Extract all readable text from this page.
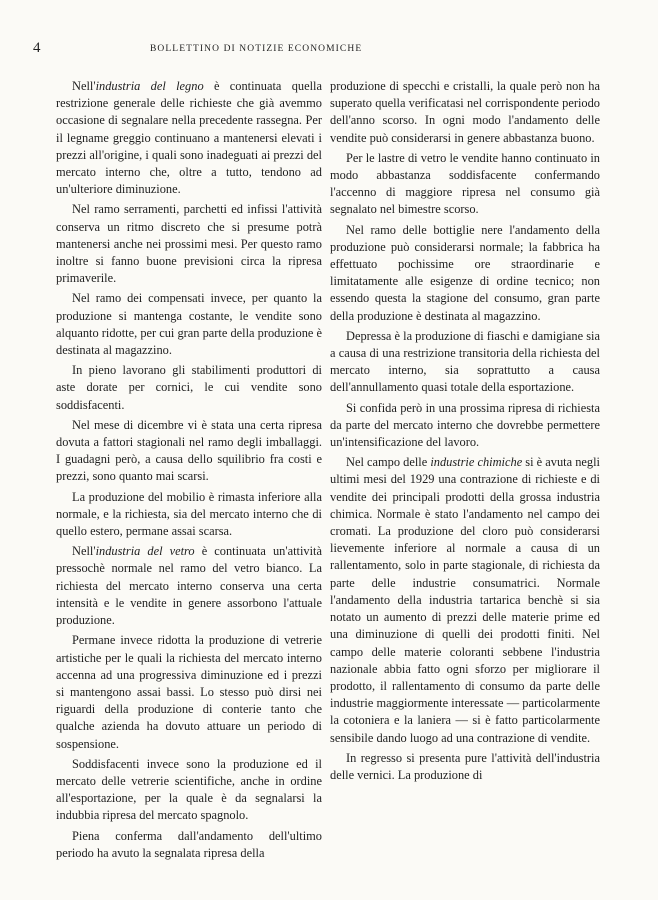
4	BOLLETTINO DI NOTIZIE ECONOMICHE

Nell'industria del legno è continuata quella restrizione generale delle richieste che già avemmo occasione di segnalare nella precedente rassegna. Per il legname greggio continuano a mantenersi elevati i prezzi all'origine, i quali sono inadeguati ai prezzi del mercato interno che, oltre a tutto, tendono ad un'ulteriore diminuzione.

Nel ramo serramenti, parchetti ed infissi l'attività conserva un ritmo discreto che si presume potrà mantenersi anche nei prossimi mesi. Per questo ramo inoltre si fanno buone previsioni circa la ripresa primaverile.

Nel ramo dei compensati invece, per quanto la produzione si mantenga costante, le vendite sono alquanto ridotte, per cui gran parte della produzione è destinata al magazzino.

In pieno lavorano gli stabilimenti produttori di aste dorate per cornici, le cui vendite sono soddisfacenti.

Nel mese di dicembre vi è stata una certa ripresa dovuta a fattori stagionali nel ramo degli imballaggi. I guadagni però, a causa dello squilibrio fra costi e prezzi, sono quanto mai scarsi.

La produzione del mobilio è rimasta inferiore alla normale, e la richiesta, sia del mercato interno che di quello estero, permane assai scarsa.

Nell'industria del vetro è continuata un'attività pressochè normale nel ramo del vetro bianco. La richiesta del mercato interno conserva una certa intensità e le vendite in genere assorbono l'attuale produzione.

Permane invece ridotta la produzione di vetrerie artistiche per le quali la richiesta del mercato interno accenna ad una progressiva diminuzione ed i prezzi si mantengono assai bassi. Lo stesso può dirsi nei riguardi della produzione di conterie tanto che qualche azienda ha dovuto attuare un periodo di sospensione.

Soddisfacenti invece sono la produzione ed il mercato delle vetrerie scientifiche, anche in ordine all'esportazione, per la quale è da segnalarsi la indubbia ripresa del mercato spagnolo.

Piena conferma dall'andamento dell'ultimo periodo ha avuto la segnalata ripresa della

produzione di specchi e cristalli, la quale però non ha superato quella verificatasi nel corrispondente periodo dell'anno scorso. In ogni modo l'andamento delle vendite può considerarsi in genere abbastanza buono.

Per le lastre di vetro le vendite hanno continuato in modo abbastanza soddisfacente confermando l'accenno di maggiore ripresa nel consumo già segnalato nel bimestre scorso.

Nel ramo delle bottiglie nere l'andamento della produzione può considerarsi normale; la fabbrica ha effettuato pochissime ore straordinarie e limitatamente alle esigenze di ordine tecnico; non essendo questa la stagione del consumo, gran parte della produzione è destinata al magazzino.

Depressa è la produzione di fiaschi e damigiane sia a causa di una restrizione transitoria della richiesta del mercato interno, sia soprattutto a causa dell'annullamento quasi totale della esportazione.

Si confida però in una prossima ripresa di richiesta da parte del mercato interno che dovrebbe permettere un'intensificazione del lavoro.

Nel campo delle industrie chimiche si è avuta negli ultimi mesi del 1929 una contrazione di richieste e di vendite dei principali prodotti della grossa industria chimica. Normale è stato l'andamento nel campo dei cromati. La produzione del cloro può considerarsi lievemente inferiore al normale a causa di un rallentamento, solo in parte stagionale, di richiesta da parte delle industrie consumatrici. Normale l'andamento della industria tartarica benchè si sia notato un aumento di prezzi delle materie prime ed una diminuzione di quelli dei prodotti finiti. Nel campo delle materie coloranti sebbene l'industria nazionale abbia fatto ogni sforzo per migliorare il prodotto, il rallentamento di consumo da parte delle industrie maggiormente interessate — particolarmente la cotoniera e la laniera — si è fatto particolarmente sensibile dando luogo ad una contrazione di vendite.

In regresso si presenta pure l'attività dell'industria delle vernici. La produzione di
